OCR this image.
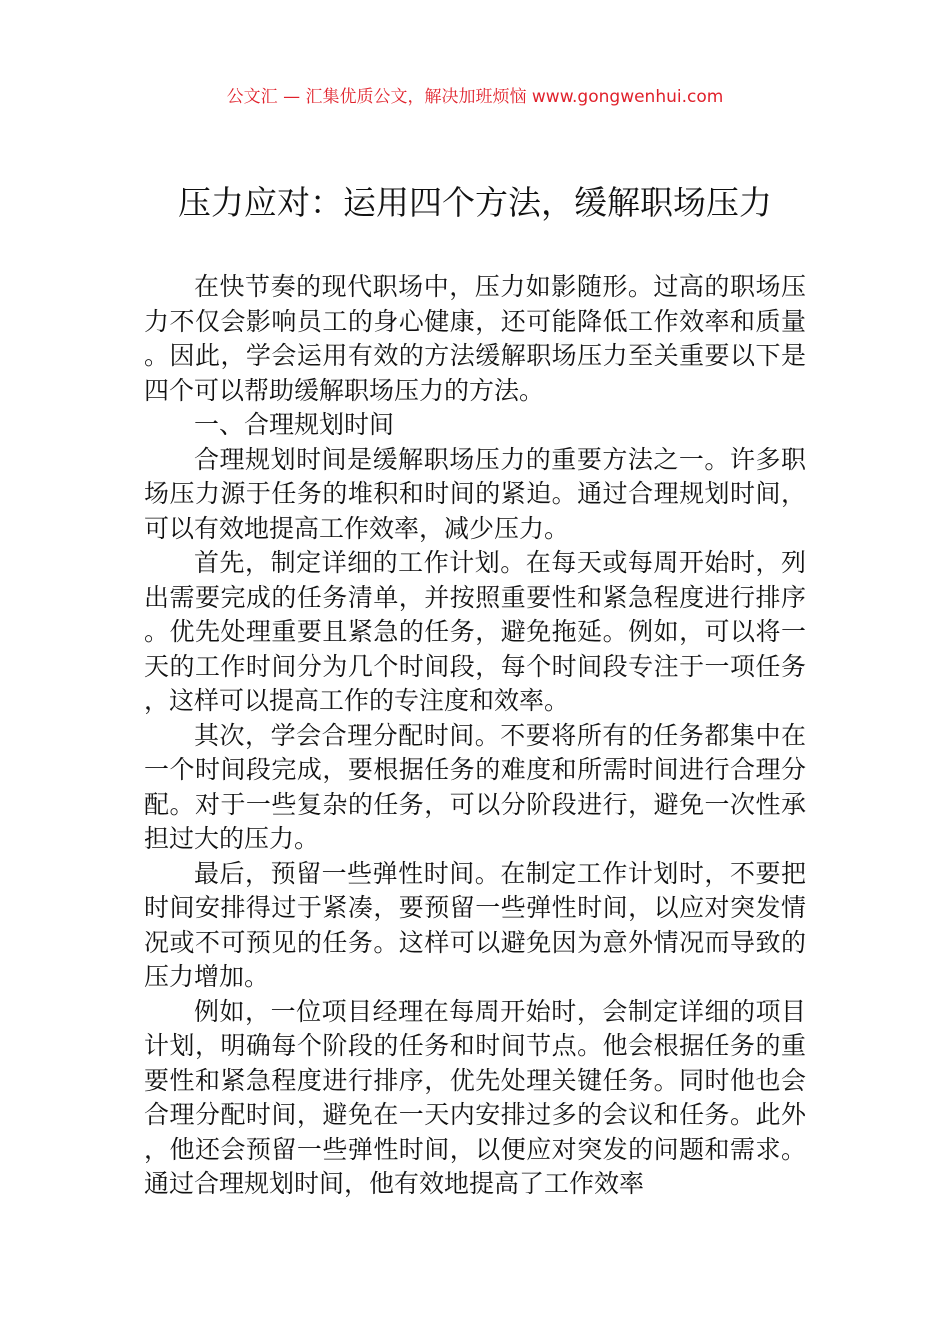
公文汇 — 汇集优质公文，解决加班烦恼 www.gongwenhui.com
压力应对：运用四个方法，缓解职场压力

在快节奏的现代职场中，压力如影随形。过高的职场压力不仅会影响员工的身心健康，还可能降低工作效率和质量。因此，学会运用有效的方法缓解职场压力至关重要以下是四个可以帮助缓解职场压力的方法。

一、合理规划时间

合理规划时间是缓解职场压力的重要方法之一。许多职场压力源于任务的堆积和时间的紧迫。通过合理规划时间，可以有效地提高工作效率，减少压力。

首先，制定详细的工作计划。在每天或每周开始时，列出需要完成的任务清单，并按照重要性和紧急程度进行排序。优先处理重要且紧急的任务，避免拖延。例如，可以将一天的工作时间分为几个时间段，每个时间段专注于一项任务，这样可以提高工作的专注度和效率。

其次，学会合理分配时间。不要将所有的任务都集中在一个时间段完成，要根据任务的难度和所需时间进行合理分配。对于一些复杂的任务，可以分阶段进行，避免一次性承担过大的压力。

最后，预留一些弹性时间。在制定工作计划时，不要把时间安排得过于紧凑，要预留一些弹性时间，以应对突发情况或不可预见的任务。这样可以避免因为意外情况而导致的压力增加。

例如，一位项目经理在每周开始时，会制定详细的项目计划，明确每个阶段的任务和时间节点。他会根据任务的重要性和紧急程度进行排序，优先处理关键任务。同时他也会合理分配时间，避免在一天内安排过多的会议和任务。此外，他还会预留一些弹性时间，以便应对突发的问题和需求。通过合理规划时间，他有效地提高了工作效率
